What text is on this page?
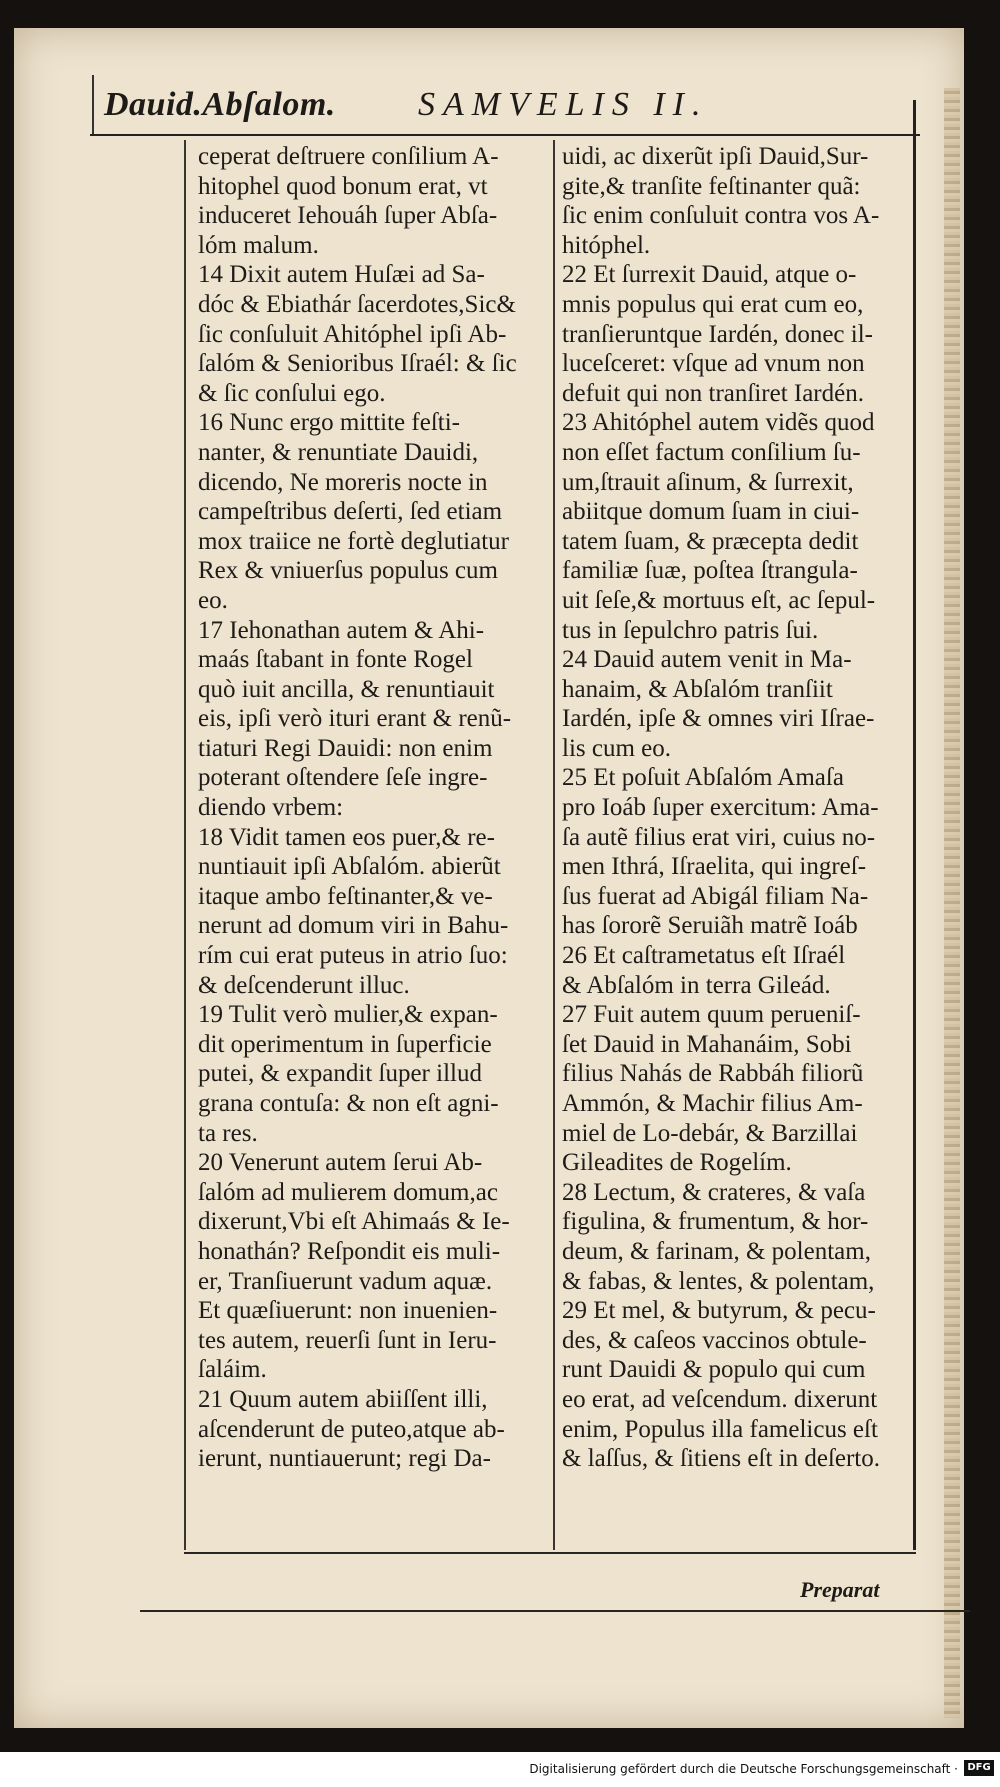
Dauid.Abſalom. SAMVELIS II.
ceperat deſtruere conſilium A-
hitophel quod bonum erat, vt
induceret Iehouáh ſuper Abſa-
lóm malum.
14 Dixit autem Huſæi ad Sa-
dóc & Ebiathár ſacerdotes,Sic&
ſic conſuluit Ahitóphel ipſi Ab-
ſalóm & Senioribus Iſraél: & ſic
& ſic conſului ego.
16 Nunc ergo mittite feſti-
nanter, & renuntiate Dauidi,
dicendo, Ne moreris nocte in
campeſtribus deſerti, ſed etiam
mox traiice ne fortè deglutiatur
Rex & vniuerſus populus cum
eo.
17 Iehonathan autem & Ahi-
maás ſtabant in fonte Rogel
quò iuit ancilla, & renuntiauit
eis, ipſi verò ituri erant & renũ-
tiaturi Regi Dauidi: non enim
poterant oſtendere ſeſe ingre-
diendo vrbem:
18 Vidit tamen eos puer,& re-
nuntiauit ipſi Abſalóm. abierũt
itaque ambo feſtinanter,& ve-
nerunt ad domum viri in Bahu-
rím cui erat puteus in atrio ſuo:
& deſcenderunt illuc.
19 Tulit verò mulier,& expan-
dit operimentum in ſuperficie
putei, & expandit ſuper illud
grana contuſa: & non eſt agni-
ta res.
20 Venerunt autem ſerui Ab-
ſalóm ad mulierem domum,ac
dixerunt,Vbi eſt Ahimaás & Ie-
honathán? Reſpondit eis mulі-
er, Tranſiuerunt vadum aquæ.
Et quæſiuerunt: non inuenien-
tes autem, reuerſi ſunt in Ieru-
ſaláim.
21 Quum autem abiiſſent illi,
aſcenderunt de puteo,atque ab-
ierunt, nuntiauerunt; regi Da-
uidi, ac dixerũt ipſi Dauid,Sur-
gite,& tranſite feſtinanter quã:
ſic enim conſuluit contra vos A-
hitóphel.
22 Et ſurrexit Dauid, atque o-
mnis populus qui erat cum eo,
tranſieruntque Iardén, donec il-
luceſceret: vſque ad vnum non
defuit qui non tranſiret Iardén.
23 Ahitóphel autem vidẽs quod
non eſſet factum conſilium ſu-
um,ſtrauit aſinum, & ſurrexit,
abiitque domum ſuam in ciui-
tatem ſuam, & præcepta dedit
familiæ ſuæ, poſtea ſtrangula-
uit ſeſe,& mortuus eſt, ac ſepul-
tus in ſepulchro patris ſui.
24 Dauid autem venit in Ma-
hanaim, & Abſalóm tranſiit
Iardén, ipſe & omnes viri Iſrae-
lis cum eo.
25 Et poſuit Abſalóm Amaſa
pro Ioáb ſuper exercitum: Ama-
ſa autẽ filius erat viri, cuius no-
men Ithrá, Iſraelita, qui ingreſ-
ſus fuerat ad Abigál filiam Na-
has ſororẽ Seruiãh matrẽ Ioáb
26 Et caſtrametatus eſt Iſraél
& Abſalóm in terra Gileád.
27 Fuit autem quum perueniſ-
ſet Dauid in Mahanáim, Sobi
filius Nahás de Rabbáh filiorũ
Ammón, & Machir filius Am-
miel de Lo-debár, & Barzillai
Gileadites de Rogelím.
28 Lectum, & crateres, & vaſa
figulina, & frumentum, & hor-
deum, & farinam, & polentam,
& fabas, & lentes, & polentam,
29 Et mel, & butyrum, & pecu-
des, & caſeos vaccinos obtule-
runt Dauidi & populo qui cum
eo erat, ad veſcendum. dixerunt
enim, Populus illa famelicus eſt
& laſſus, & ſitiens eſt in deſerto.
Preparat
Digitalisierung gefördert durch die Deutsche Forschungsgemeinschaft · DFG
